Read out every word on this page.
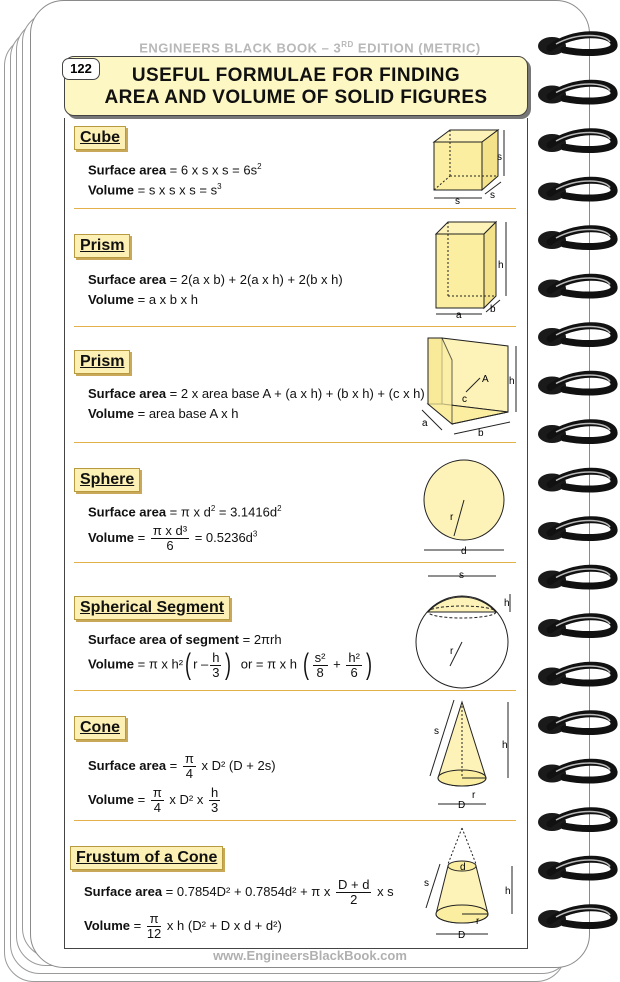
ENGINEERS BLACK BOOK – 3RD EDITION (METRIC)
USEFUL FORMULAE FOR FINDING
AREA AND VOLUME OF SOLID FIGURES
122
Cube
Surface area = 6 x s x $s = 6s^2$
Volume = s x s x $s = s^3$
s
s
s
Prism
Surface area = 2(a x b) + 2(a x h) + 2(b x h)
Volume = a x b x h
h
a
b
Prism
Surface area = 2 x area base A + (a x h) + (b x h) + (c x h)
Volume = area base A x h
h
A
c
a
b
Sphere
Surface area = π x $d^2 = 3.1416d^2$
Volume = $\frac{\text{π x d³}}{6} = 0.5236d^3$
r
d
Spherical Segment
Surface area of segment = 2πrh
Volume = π x h²( r – $\frac{h}{3}$ ) or = π x h ( $\frac{\text{s²}}{8} + \frac{\text{h²}}{6}$ )
s
h
r
Cone
Surface area = $\frac{\pi}{4}$ x D² (D + 2s)
Volume = $\frac{\pi}{4}$ x D² x $\frac{h}{3}$
s
h
r
D
Frustum of a Cone
Surface area = 0.7854D² + 0.7854d² + π x $\frac{D + d}{2}$ x s
Volume = $\frac{\pi}{12}$ x h (D² + D x d + d²)
d
s
h
r
D
www.EngineersBlackBook.com
